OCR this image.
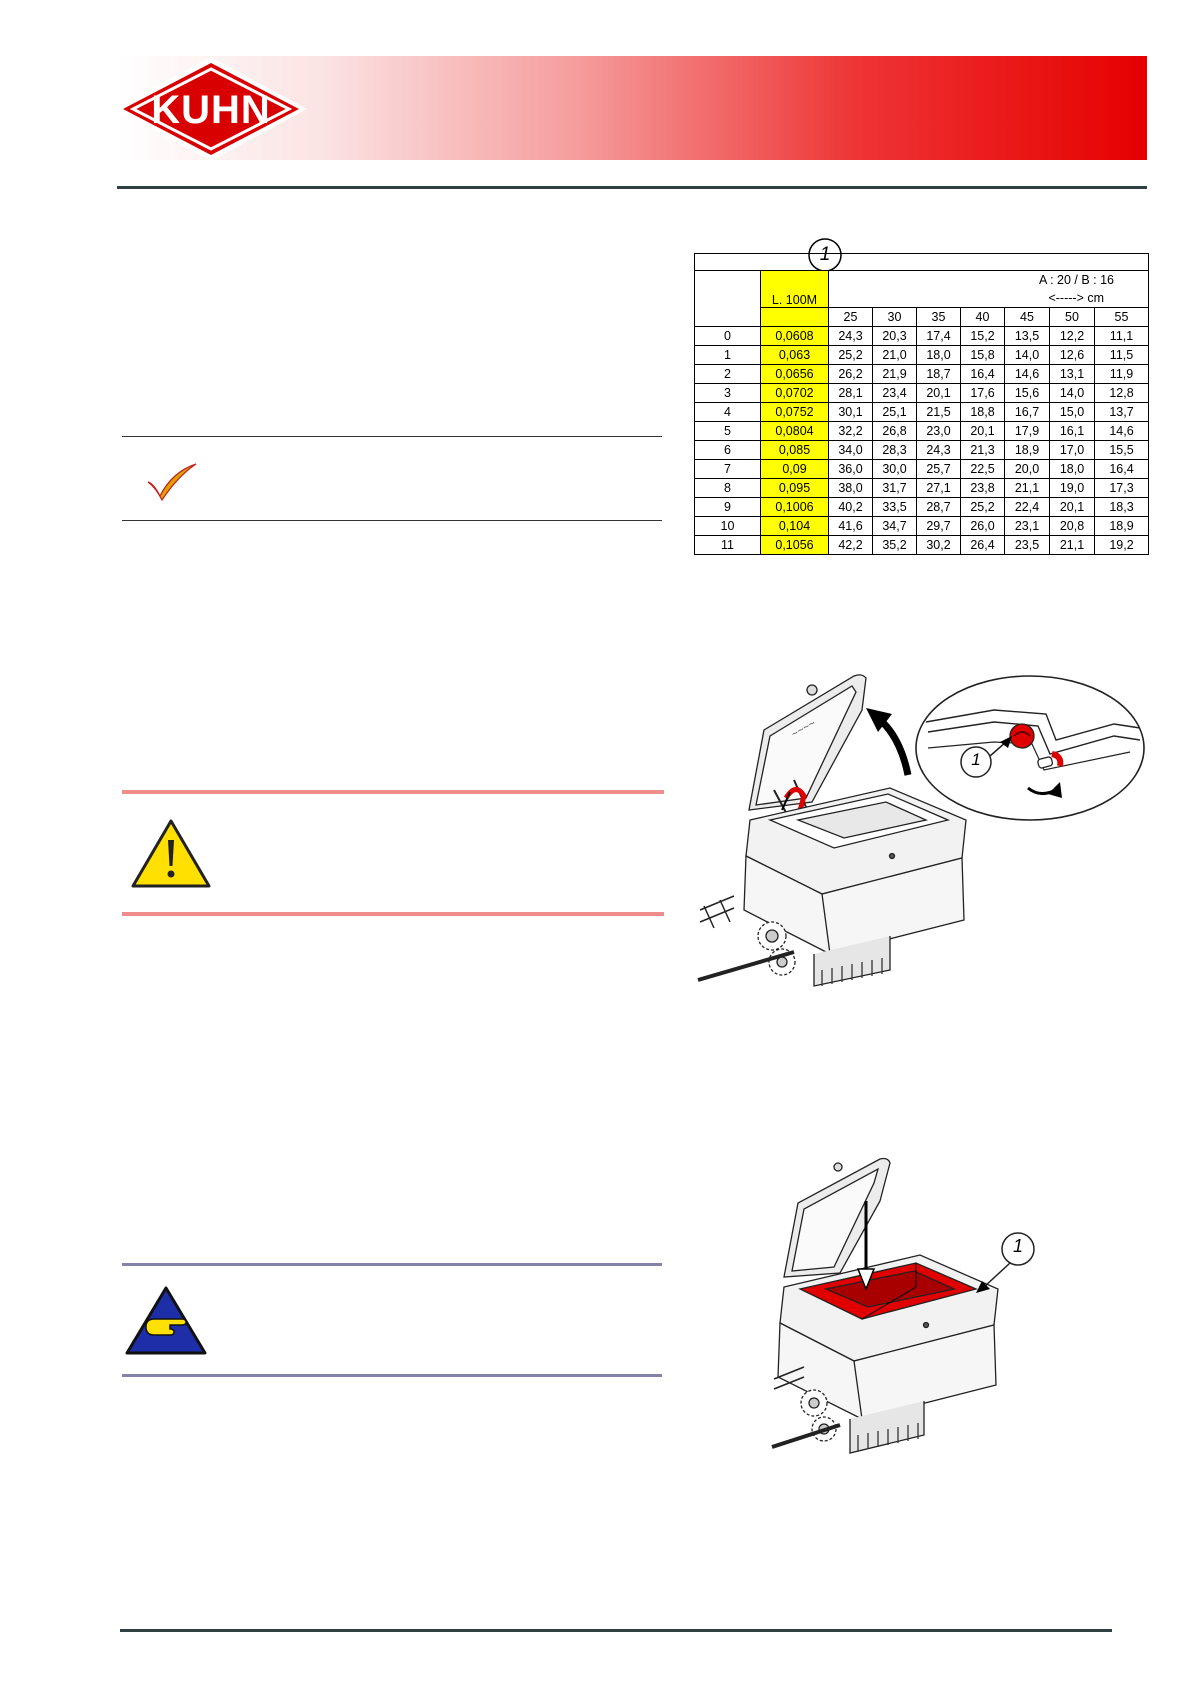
KUHN
1

	L. 100M	A : 20 / B : 16						
		<-----> cm						
		25	30	35	40	45	50	55
0	0,0608	24,3	20,3	17,4	15,2	13,5	12,2	11,1
1	0,063	25,2	21,0	18,0	15,8	14,0	12,6	11,5
2	0,0656	26,2	21,9	18,7	16,4	14,6	13,1	11,9
3	0,0702	28,1	23,4	20,1	17,6	15,6	14,0	12,8
4	0,0752	30,1	25,1	21,5	18,8	16,7	15,0	13,7
5	0,0804	32,2	26,8	23,0	20,1	17,9	16,1	14,6
6	0,085	34,0	28,3	24,3	21,3	18,9	17,0	15,5
7	0,09	36,0	30,0	25,7	22,5	20,0	18,0	16,4
8	0,095	38,0	31,7	27,1	23,8	21,1	19,0	17,3
9	0,1006	40,2	33,5	28,7	25,2	22,4	20,1	18,3
10	0,104	41,6	34,7	29,7	26,0	23,1	20,8	18,9
11	0,1056	42,2	35,2	30,2	26,4	23,5	21,1	19,2
~~~~
1
1
